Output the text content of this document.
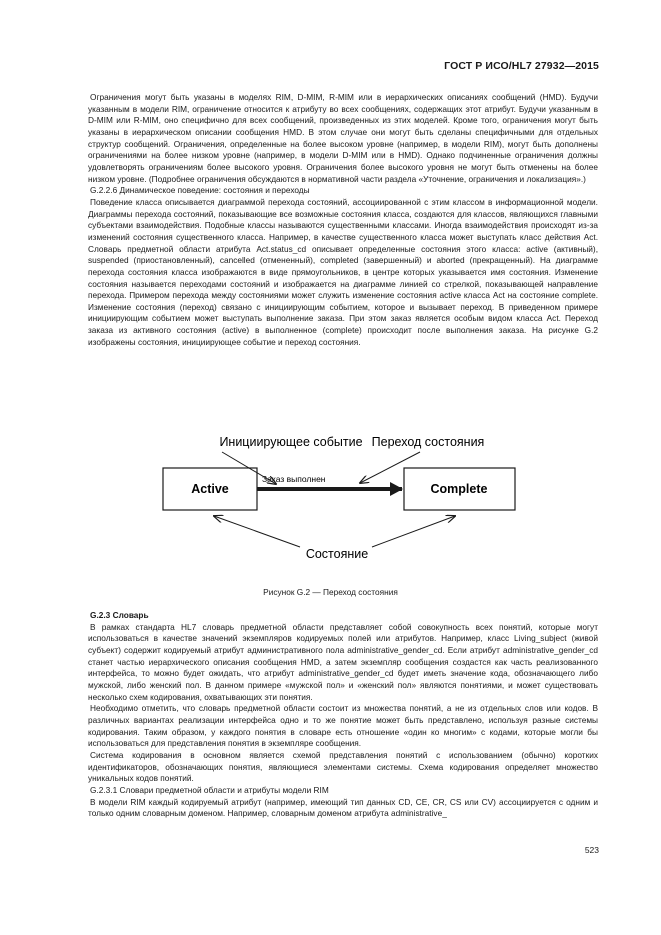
ГОСТ Р ИСО/HL7 27932—2015

Ограничения могут быть указаны в моделях RIM, D-MIM, R-MIM или в иерархических описаниях сообщений (HMD). Будучи указанным в модели RIM, ограничение относится к атрибуту во всех сообщениях, содержащих этот атрибут. Будучи указанным в D-MIM или R-MIM, оно специфично для всех сообщений, произведенных из этих моделей. Кроме того, ограничения могут быть указаны в иерархическом описании сообщения HMD. В этом случае они могут быть сделаны специфичными для отдельных структур сообщений. Ограничения, определенные на более высоком уровне (например, в модели RIM), могут быть дополнены ограничениями на более низком уровне (например, в модели D-MIM или в HMD). Однако подчиненные ограничения должны удовлетворять ограничениям более высокого уровня. Ограничения более высокого уровня не могут быть отменены на более низком уровне. (Подробнее ограничения обсуждаются в нормативной части раздела «Уточнение, ограничения и локализация».)

G.2.2.6 Динамическое поведение: состояния и переходы

Поведение класса описывается диаграммой перехода состояний, ассоциированной с этим классом в информационной модели. Диаграммы перехода состояний, показывающие все возможные состояния класса, создаются для классов, являющихся главными субъектами взаимодействия. Подобные классы называются существенными классами. Иногда взаимодействия происходят из-за изменений состояния существенного класса. Например, в качестве существенного класса может выступать класс действия Act. Словарь предметной области атрибута Act.status_cd описывает определенные состояния этого класса: active (активный), suspended (приостановленный), cancelled (отмененный), completed (завершенный) и aborted (прекращенный). На диаграмме перехода состояния класса изображаются в виде прямоугольников, в центре которых указывается имя состояния. Изменение состояния называется переходами состояний и изображается на диаграмме линией со стрелкой, показывающей направление перехода. Примером перехода между состояниями может служить изменение состояния active класса Act на состояние complete. Изменение состояния (переход) связано с инициирующим событием, которое и вызывает переход. В приведенном примере инициирующим событием может выступать выполнение заказа. При этом заказ является особым видом класса Act. Переход заказа из активного состояния (active) в выполненное (complete) происходит после выполнения заказа. На рисунке G.2 изображены состояния, инициирующее событие и переход состояния.

Инициирующее событие Переход состояния
Active	Complete
Заказ выполнен
Состояние
Рисунок G.2 — Переход состояния

G.2.3 Словарь

В рамках стандарта HL7 словарь предметной области представляет собой совокупность всех понятий, которые могут использоваться в качестве значений экземпляров кодируемых полей или атрибутов. Например, класс Living_subject (живой субъект) содержит кодируемый атрибут административного пола administrative_gender_cd. Если атрибут administrative_gender_cd станет частью иерархического описания сообщения HMD, а затем экземпляр сообщения создастся как часть реализованного интерфейса, то можно будет ожидать, что атрибут administrative_gender_cd будет иметь значение кода, обозначающего либо мужской, либо женский пол. В данном примере «мужской пол» и «женский пол» являются понятиями, и может существовать несколько схем кодирования, охватывающих эти понятия.

Необходимо отметить, что словарь предметной области состоит из множества понятий, а не из отдельных слов или кодов. В различных вариантах реализации интерфейса одно и то же понятие может быть представлено, используя разные системы кодирования. Таким образом, у каждого понятия в словаре есть отношение «один ко многим» с кодами, которые могли бы использоваться для представления понятия в экземпляре сообщения.

Система кодирования в основном является схемой представления понятий с использованием (обычно) коротких идентификаторов, обозначающих понятия, являющиеся элементами системы. Схема кодирования определяет множество уникальных кодов понятий.

G.2.3.1 Словари предметной области и атрибуты модели RIM

В модели RIM каждый кодируемый атрибут (например, имеющий тип данных CD, CE, CR, CS или CV) ассоциируется с одним и только одним словарным доменом. Например, словарным доменом атрибута administrative_

523
